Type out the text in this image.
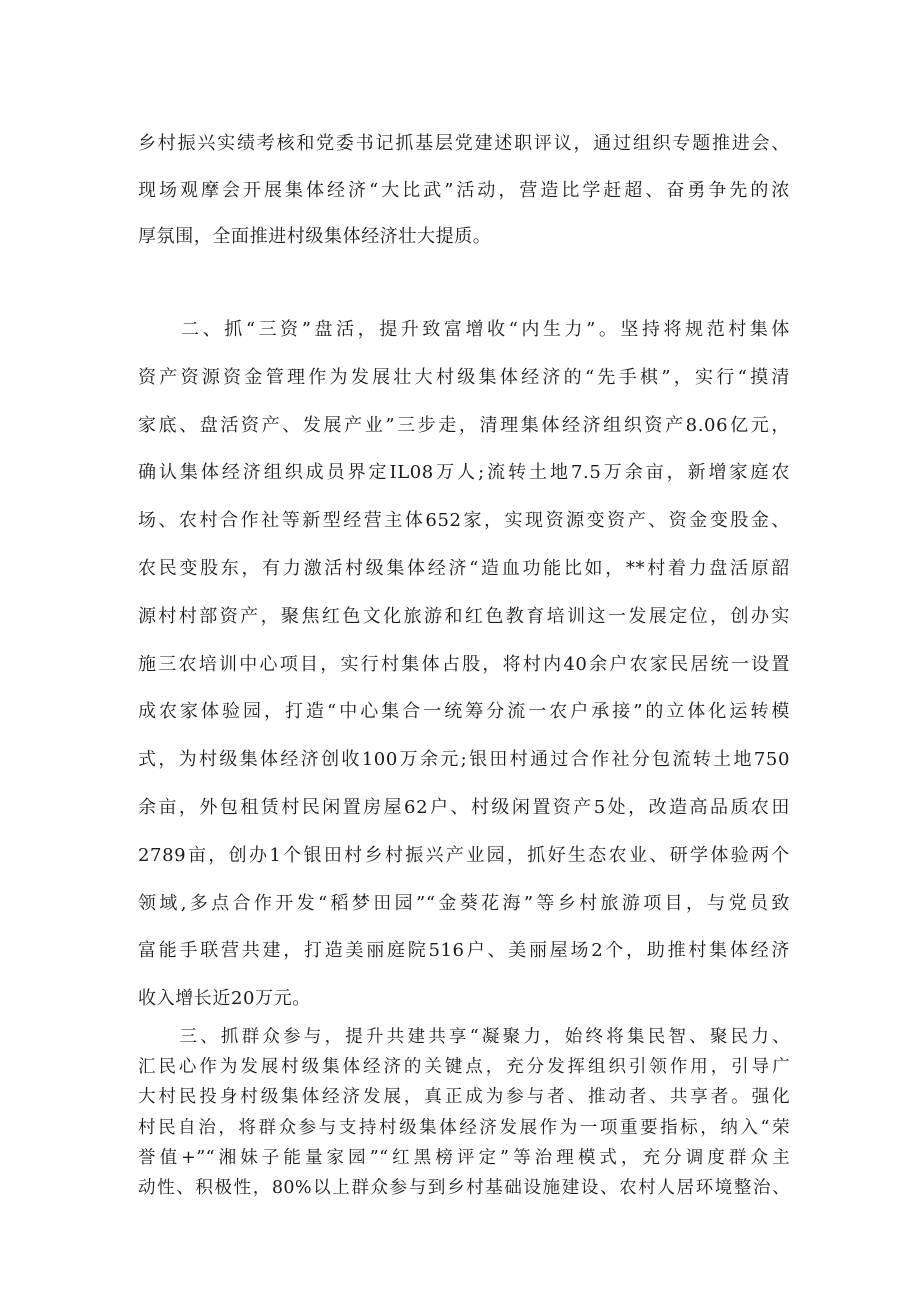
乡村振兴实绩考核和党委书记抓基层党建述职评议，通过组织专题推进会、
现场观摩会开展集体经济“大比武”活动，营造比学赶超、奋勇争先的浓
厚氛围，全面推进村级集体经济壮大提质。
　　二、抓“三资”盘活，提升致富增收“内生力”。坚持将规范村集体
资产资源资金管理作为发展壮大村级集体经济的“先手棋”，实行“摸清
家底、盘活资产、发展产业”三步走，清理集体经济组织资产8.06亿元，
确认集体经济组织成员界定IL08万人;流转土地7.5万余亩，新增家庭农
场、农村合作社等新型经营主体652家，实现资源变资产、资金变股金、
农民变股东，有力激活村级集体经济“造血功能比如，**村着力盘活原韶
源村村部资产，聚焦红色文化旅游和红色教育培训这一发展定位，创办实
施三农培训中心项目，实行村集体占股，将村内40余户农家民居统一设置
成农家体验园，打造“中心集合一统筹分流一农户承接”的立体化运转模
式，为村级集体经济创收100万余元;银田村通过合作社分包流转土地750
余亩，外包租赁村民闲置房屋62户、村级闲置资产5处，改造高品质农田
2789亩，创办1个银田村乡村振兴产业园，抓好生态农业、研学体验两个
领域,多点合作开发“稻梦田园”“金葵花海”等乡村旅游项目，与党员致
富能手联营共建，打造美丽庭院516户、美丽屋场2个，助推村集体经济
收入增长近20万元。
　　三、抓群众参与，提升共建共享“凝聚力，始终将集民智、聚民力、
汇民心作为发展村级集体经济的关键点，充分发挥组织引领作用，引导广
大村民投身村级集体经济发展，真正成为参与者、推动者、共享者。强化
村民自治，将群众参与支持村级集体经济发展作为一项重要指标，纳入“荣
誉值+”“湘妹子能量家园”“红黑榜评定”等治理模式，充分调度群众主
动性、积极性，80%以上群众参与到乡村基础设施建设、农村人居环境整治、
